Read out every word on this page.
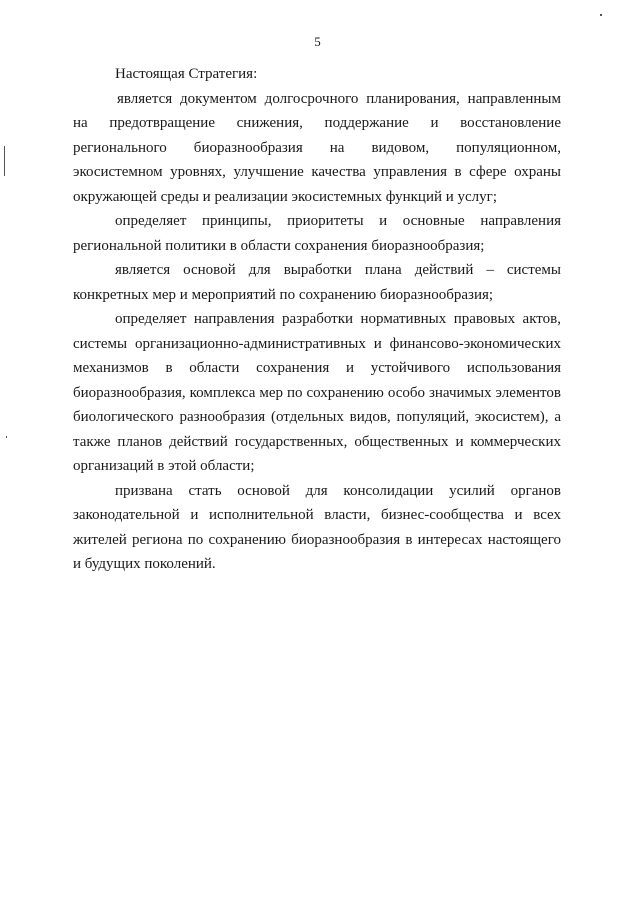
5

Настоящая Стратегия:

является документом долгосрочного планирования, направленным на предотвращение снижения, поддержание и восстановление регионального биоразнообразия на видовом, популяционном, экосистемном уровнях, улучшение качества управления в сфере охраны окружающей среды и реализации экосистемных функций и услуг;

определяет принципы, приоритеты и основные направления региональной политики в области сохранения биоразнообразия;

является основой для выработки плана действий – системы конкретных мер и мероприятий по сохранению биоразнообразия;

определяет направления разработки нормативных правовых актов, системы организационно-административных и финансово-экономических механизмов в области сохранения и устойчивого использования биоразнообразия, комплекса мер по сохранению особо значимых элементов биологического разнообразия (отдельных видов, популяций, экосистем), а также планов действий государственных, общественных и коммерческих организаций в этой области;

призвана стать основой для консолидации усилий органов законодательной и исполнительной власти, бизнес-сообщества и всех жителей региона по сохранению биоразнообразия в интересах настоящего и будущих поколений.
